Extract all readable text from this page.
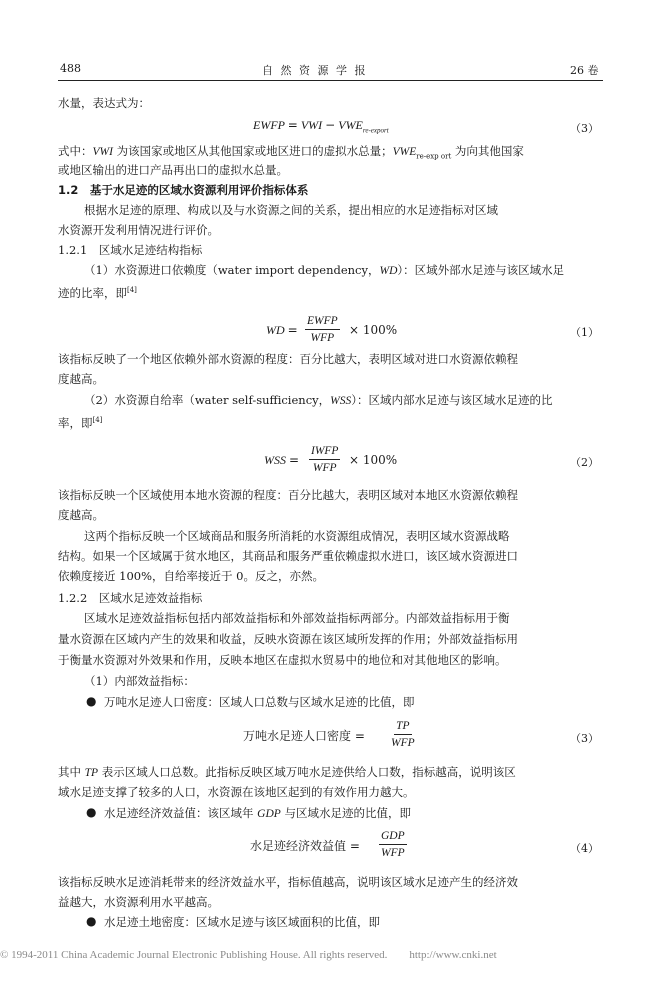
488	自 然 资 源 学 报	26 卷
水量，表达式为：
EWFP = VWI − $VWE_{re-export}$	（3）
式中：VWI 为该国家或地区从其他国家或地区进口的虚拟水总量；$VWE_{re-exp ort}$ 为向其他国家
或地区输出的进口产品再出口的虚拟水总量。
1.2　基于水足迹的区域水资源利用评价指标体系
根据水足迹的原理、构成以及与水资源之间的关系，提出相应的水足迹指标对区域
水资源开发利用情况进行评价。
1.2.1　区域水足迹结构指标
（1）水资源进口依赖度（water import dependency，WD）：区域外部水足迹与该区域水足
迹的比率，即[4]
WD =
EWFP
WFP
× 100%	（1）
该指标反映了一个地区依赖外部水资源的程度：百分比越大，表明区域对进口水资源依赖程
度越高。
（2）水资源自给率（water self-sufficiency，WSS）：区域内部水足迹与该区域水足迹的比
率，即[4]
WSS =
IWFP
WFP
× 100%	（2）
该指标反映一个区域使用本地水资源的程度：百分比越大，表明区域对本地区水资源依赖程
度越高。
这两个指标反映一个区域商品和服务所消耗的水资源组成情况，表明区域水资源战略
结构。如果一个区域属于贫水地区，其商品和服务严重依赖虚拟水进口，该区域水资源进口
依赖度接近 100%，自给率接近于 0。反之，亦然。
1.2.2　区域水足迹效益指标
区域水足迹效益指标包括内部效益指标和外部效益指标两部分。内部效益指标用于衡
量水资源在区域内产生的效果和收益，反映水资源在该区域所发挥的作用；外部效益指标用
于衡量水资源对外效果和作用，反映本地区在虚拟水贸易中的地位和对其他地区的影响。
（1）内部效益指标：
● 万吨水足迹人口密度：区域人口总数与区域水足迹的比值，即
万吨水足迹人口密度 =
TP
WFP	（3）
其中 TP 表示区域人口总数。此指标反映区域万吨水足迹供给人口数，指标越高，说明该区
域水足迹支撑了较多的人口，水资源在该地区起到的有效作用力越大。
● 水足迹经济效益值：该区域年 GDP 与区域水足迹的比值，即
水足迹经济效益值 =
GDP
WFP	（4）
该指标反映水足迹消耗带来的经济效益水平，指标值越高，说明该区域水足迹产生的经济效
益越大，水资源利用水平越高。
● 水足迹土地密度：区域水足迹与该区域面积的比值，即
© 1994-2011 China Academic Journal Electronic Publishing House. All rights reserved.　　http://www.cnki.net
